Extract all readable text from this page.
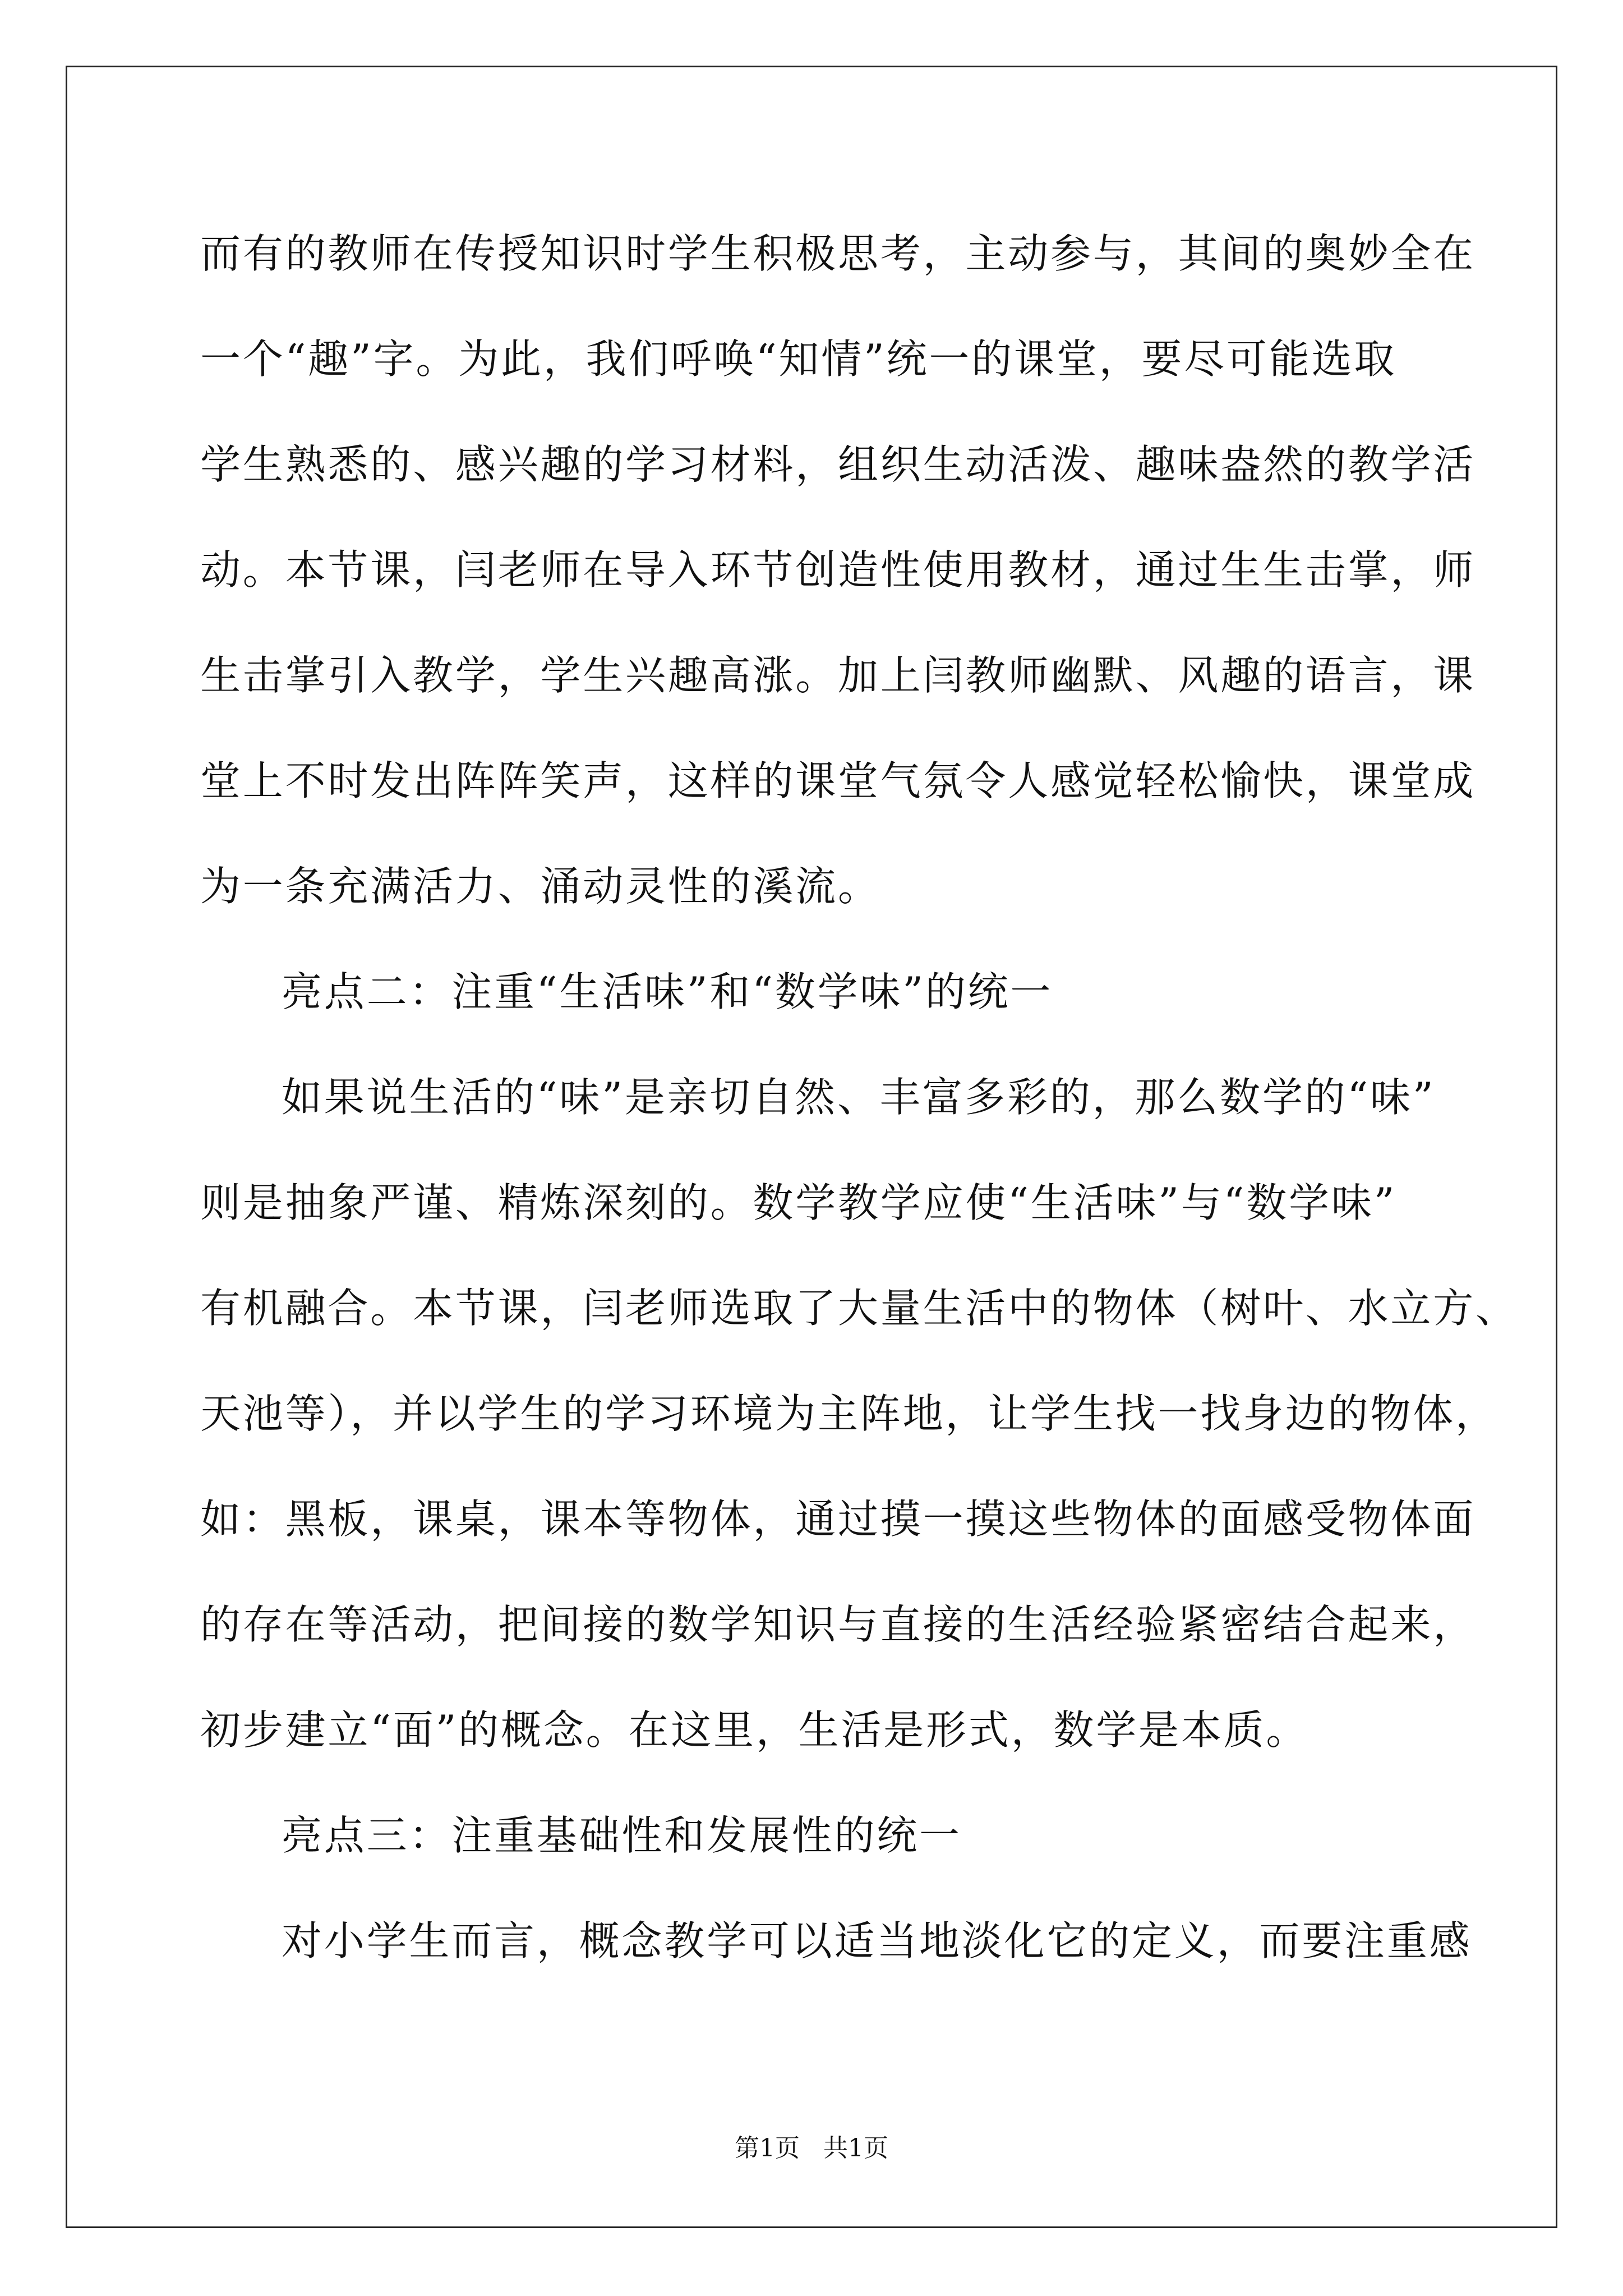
而有的教师在传授知识时学生积极思考，主动参与，其间的奥妙全在

一个“趣”字。为此，我们呼唤“知情”统一的课堂，要尽可能选取

学生熟悉的、感兴趣的学习材料，组织生动活泼、趣味盎然的教学活

动。本节课，闫老师在导入环节创造性使用教材，通过生生击掌，师

生击掌引入教学，学生兴趣高涨。加上闫教师幽默、风趣的语言，课

堂上不时发出阵阵笑声，这样的课堂气氛令人感觉轻松愉快，课堂成

为一条充满活力、涌动灵性的溪流。

亮点二：注重“生活味”和“数学味”的统一

如果说生活的“味”是亲切自然、丰富多彩的，那么数学的“味”

则是抽象严谨、精炼深刻的。数学教学应使“生活味”与“数学味”

有机融合。本节课，闫老师选取了大量生活中的物体（树叶、水立方、

天池等），并以学生的学习环境为主阵地，让学生找一找身边的物体，

如：黑板，课桌，课本等物体，通过摸一摸这些物体的面感受物体面

的存在等活动，把间接的数学知识与直接的生活经验紧密结合起来，

初步建立“面”的概念。在这里，生活是形式，数学是本质。

亮点三：注重基础性和发展性的统一

对小学生而言，概念教学可以适当地淡化它的定义，而要注重感

第1页   共1页
